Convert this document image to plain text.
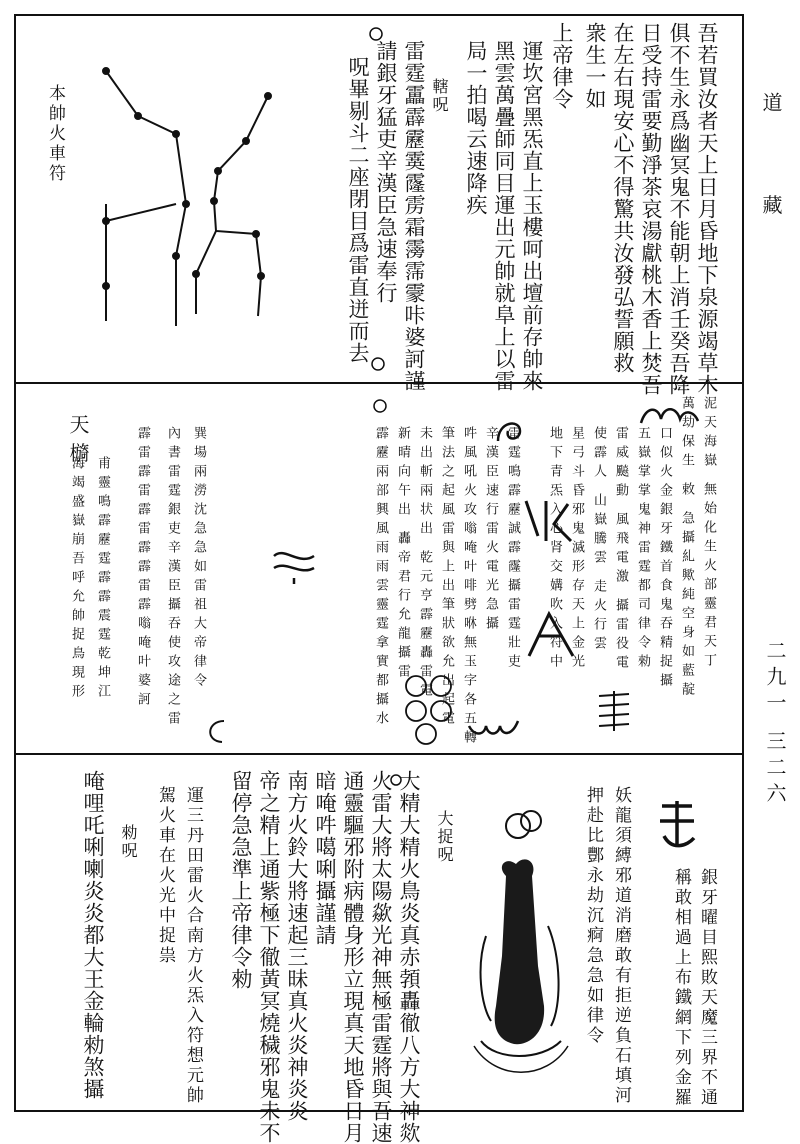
道 藏
二九一 三二六
吾若買汝者天上日月昏地下泉源竭草木
俱不生永爲幽冥鬼不能朝上消壬癸吾降
日受持雷要勤淨茶哀湯獻桃木香上焚吾
在左右現安心不得驚共汝發弘誓願救
衆生一如
上帝律令
運坎宮黑炁直上玉樓呵出壇前存帥來
黑雲萬疊師同目運出元帥就阜上以雷
局一拍喝云速降疾
轄呪
雷霆靁霹靂霙霳雳霜霶霈霥咔婆訶謹
請銀牙猛吏辛漢臣急速奉行
呪畢剔斗二座閉目爲雷直迸而去
本帥火車符
泥天海嶽 無始化生火部靈君天丁
萬劫保生 敕 急攝糺歟純空身如藍靛
口似火金銀牙鐵首食鬼吞精捉攝
五嶽掌掌鬼神雷霆都司律令勑
雷威飈動 風飛電激 攝雷役電
使霹人 山嶽騰雲 走火行雲
星弓斗昏邪鬼滅形存天上金光
地下青炁入心肾交媾吹入符中
雷霆鳴霹靂誠霹霳攝雷霆壯吏
辛漢臣速行雷火電光急攝
吽風吼火攻嗡唵叶啡劈咻無玉字各五轉
筆法之起風雷與上出筆狀欲允出起電
未出斬兩状出 乾元亨霹靂轟雷電
新晴向午出 轟帝君行允龍攝雷
霹靂兩部興風雨雨雲靈霆拿實都攝水
巽場兩澇沈急急如雷祖大帝律令
內書雷霆銀吏辛漢臣攝吞使攻途之雷
霹雷霹雷霹雷霹霹雷霹嗡唵叶婆訶
甫靈鳴霹靂霆霹霹震霆乾坤江
海竭盛嶽崩吾呼允帥捉鳥現形
天 檹
銀牙曜目熙敗天魔三界不通
稱敢相過上布鐵網下列金羅
妖龍須縛邪道消磨敢有拒逆負石填河
押赴比酆永劫沉痾急急如律令
大捉呪
大精大精火鳥炎真赤𩓐轟徹八方大神欻
火雷大將太陽歘光神無極雷霆將與吾速
通靈驅邪附病體身形立現真天地昏日月
暗唵吽噶唎攝謹請
南方火鈴大將速起三昧真火炎神炎炎
帝之精上通紫極下徹黃冥燒穢邪鬼未不
留停急急準上帝律令勑
運三丹田雷火合南方火炁入符想元帥
駕火車在火光中捉祟
勑呪
唵哩吒唎喇炎炎都大王金輪勑煞攝
